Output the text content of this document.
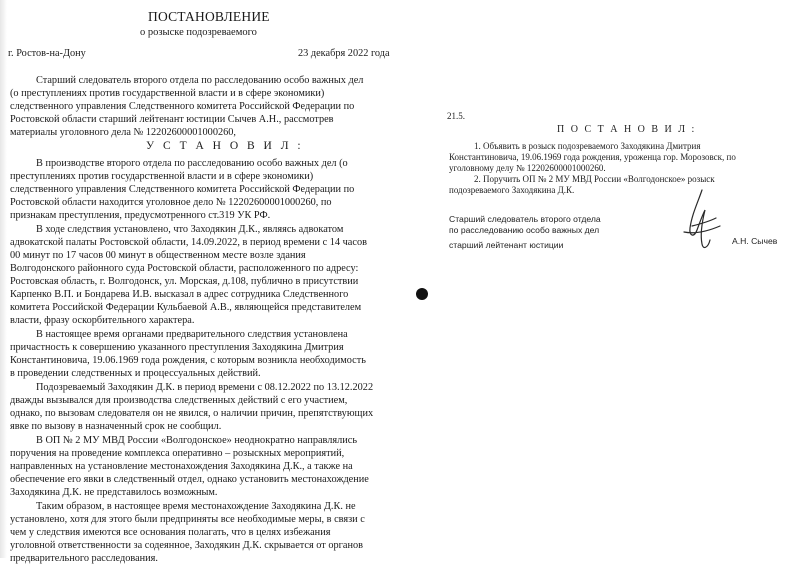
ПОСТАНОВЛЕНИЕ
о розыске подозреваемого
г. Ростов-на-Дону	23 декабря 2022 года
Старший следователь второго отдела по расследованию особо важных дел
(о преступлениях против государственной власти и в сфере экономики)
следственного управления Следственного комитета Российской Федерации по
Ростовской области старший лейтенант юстиции Сычев А.Н., рассмотрев
материалы уголовного дела № 12202600001000260,
У С Т А Н О В И Л :
В производстве второго отдела по расследованию особо важных дел (о
преступлениях против государственной власти и в сфере экономики)
следственного управления Следственного комитета Российской Федерации по
Ростовской области находится уголовное дело № 12202600001000260, по
признакам преступления, предусмотренного ст.319 УК РФ.
В ходе следствия установлено, что Заходякин Д.К., являясь адвокатом
адвокатской палаты Ростовской области, 14.09.2022, в период времени с 14 часов
00 минут по 17 часов 00 минут в общественном месте возле здания
Волгодонского районного суда Ростовской области, расположенного по адресу:
Ростовская область, г. Волгодонск, ул. Морская, д.108, публично в присутствии
Карпенко В.П. и Бондарева И.В. высказал в адрес сотрудника Следственного
комитета Российской Федерации Кульбаевой А.В., являющейся представителем
власти, фразу оскорбительного характера.
В настоящее время органами предварительного следствия установлена
причастность к совершению указанного преступления Заходякина Дмитрия
Константиновича, 19.06.1969 года рождения, с которым возникла необходимость
в проведении следственных и процессуальных действий.
Подозреваемый Заходякин Д.К. в период времени с 08.12.2022 по 13.12.2022
дважды вызывался для производства следственных действий с его участием,
однако, по вызовам следователя он не явился, о наличии причин, препятствующих
явке по вызову в назначенный срок не сообщил.
В ОП № 2 МУ МВД России «Волгодонское» неоднократно направлялись
поручения на проведение комплекса оперативно – розыскных мероприятий,
направленных на установление местонахождения Заходякина Д.К., а также на
обеспечение его явки в следственный отдел, однако установить местонахождение
Заходякина Д.К. не представилось возможным.
Таким образом, в настоящее время местонахождение Заходякина Д.К. не
установлено, хотя для этого были предприняты все необходимые меры, в связи с
чем у следствия имеются все основания полагать, что в целях избежания
уголовной ответственности за содеянное, Заходякин Д.К. скрывается от органов
предварительного расследования.
21.5.
П О С Т А Н О В И Л :
1. Объявить в розыск подозреваемого Заходякина Дмитрия
Константиновича, 19.06.1969 года рождения, уроженца гор. Морозовск, по
уголовному делу № 12202600001000260.
2. Поручить ОП № 2 МУ МВД России «Волгодонское» розыск
подозреваемого Заходякина Д.К.
Старший следователь второго отдела
по расследованию особо важных дел
старший лейтенант юстиции	А.Н. Сычев
